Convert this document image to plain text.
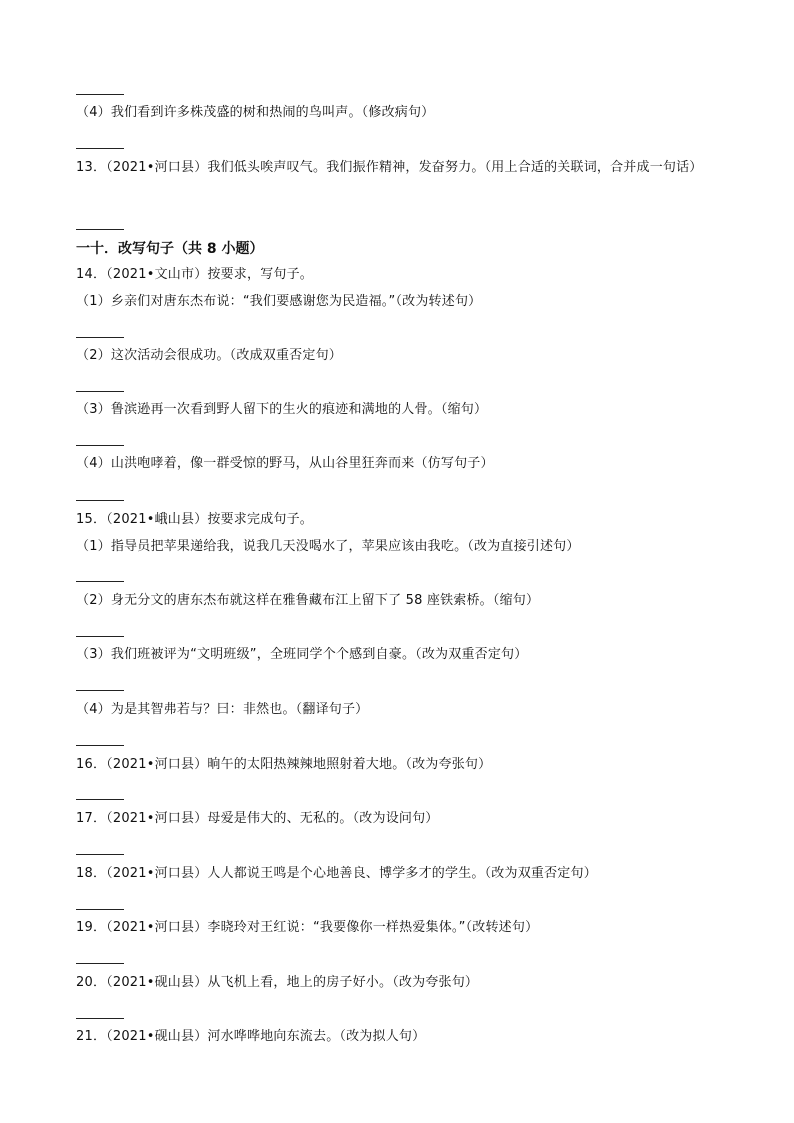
（4）我们看到许多株茂盛的树和热闹的鸟叫声。（修改病句）
13．（2021•河口县）我们低头唉声叹气。我们振作精神，发奋努力。（用上合适的关联词，合并成一句话）
一十．改写句子（共 8 小题）
14．（2021•文山市）按要求，写句子。
（1）乡亲们对唐东杰布说：“我们要感谢您为民造福。”（改为转述句）
（2）这次活动会很成功。（改成双重否定句）
（3）鲁滨逊再一次看到野人留下的生火的痕迹和满地的人骨。（缩句）
（4）山洪咆哮着，像一群受惊的野马，从山谷里狂奔而来（仿写句子）
15．（2021•峨山县）按要求完成句子。
（1）指导员把苹果递给我，说我几天没喝水了，苹果应该由我吃。（改为直接引述句）
（2）身无分文的唐东杰布就这样在雅鲁藏布江上留下了 58 座铁索桥。（缩句）
（3）我们班被评为“文明班级”，全班同学个个感到自豪。（改为双重否定句）
（4）为是其智弗若与？曰：非然也。（翻译句子）
16．（2021•河口县）晌午的太阳热辣辣地照射着大地。（改为夸张句）
17．（2021•河口县）母爱是伟大的、无私的。（改为设问句）
18．（2021•河口县）人人都说王鸣是个心地善良、博学多才的学生。（改为双重否定句）
19．（2021•河口县）李晓玲对王红说：“我要像你一样热爱集体。”（改转述句）
20．（2021•砚山县）从飞机上看，地上的房子好小。（改为夸张句）
21．（2021•砚山县）河水哗哗地向东流去。（改为拟人句）
